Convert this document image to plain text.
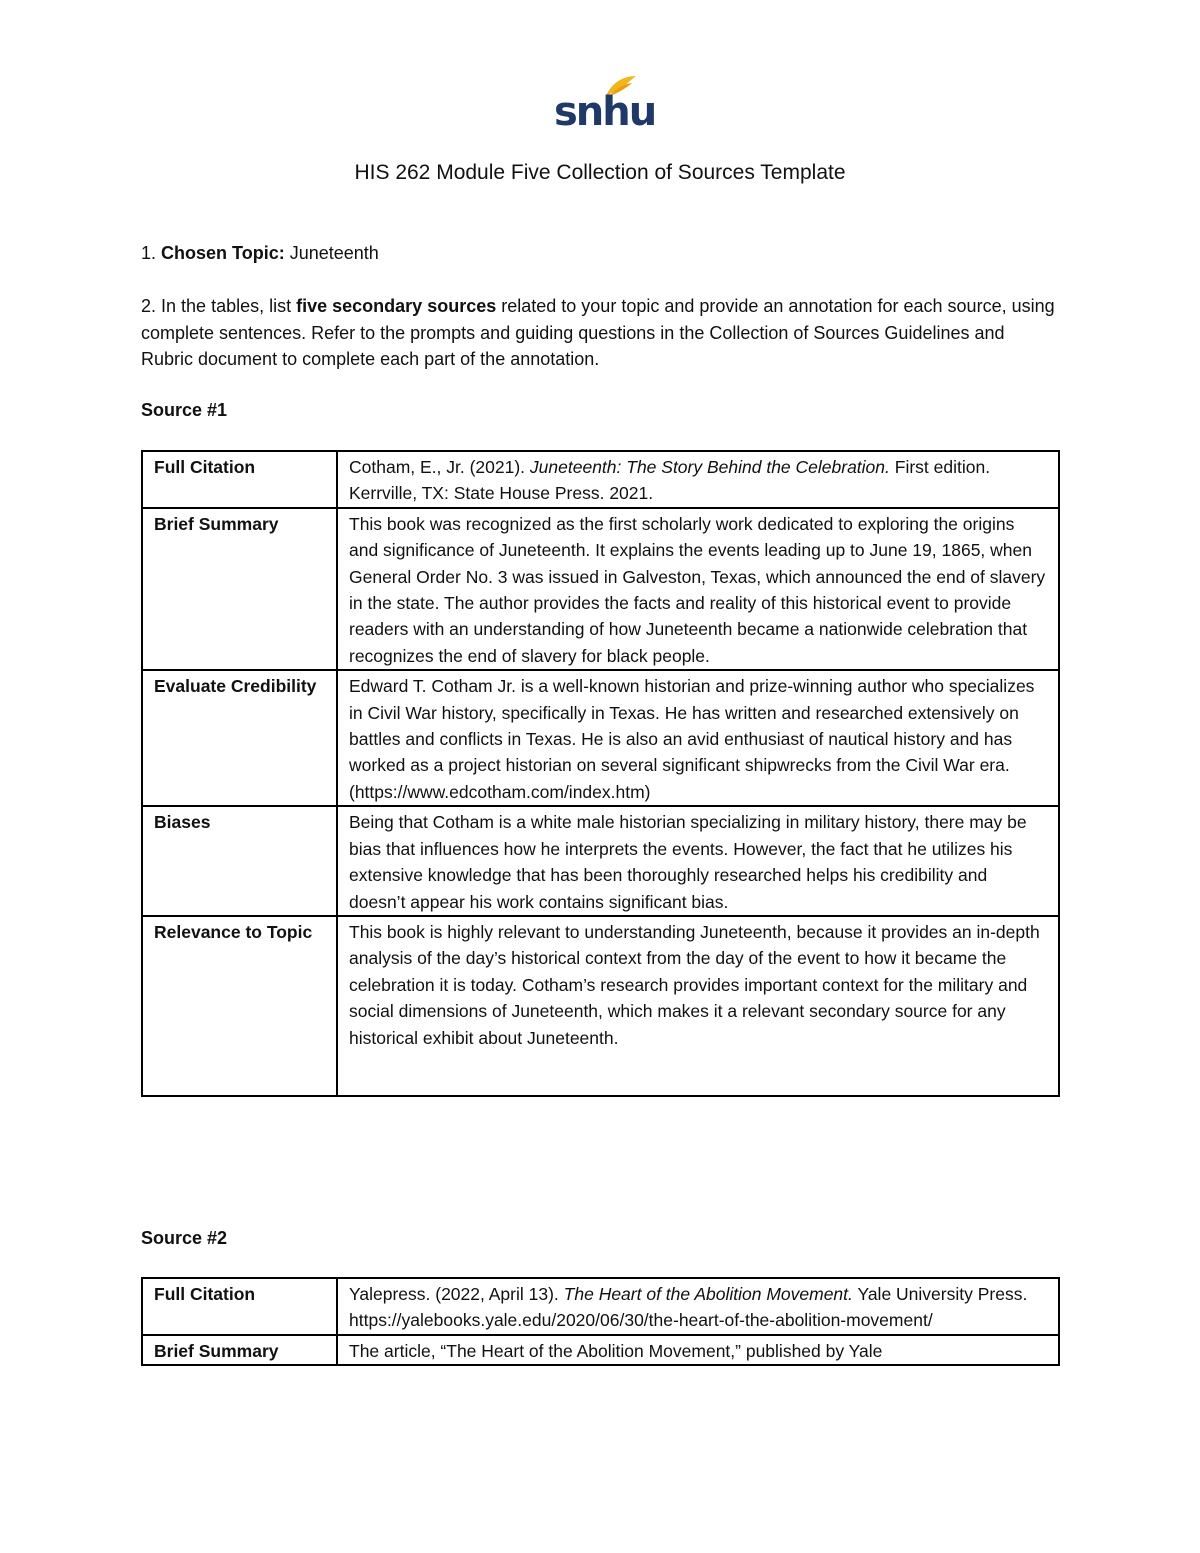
snhu
HIS 262 Module Five Collection of Sources Template
1. Chosen Topic: Juneteenth
2. In the tables, list five secondary sources related to your topic and provide an annotation for each source, using complete sentences. Refer to the prompts and guiding questions in the Collection of Sources Guidelines and Rubric document to complete each part of the annotation.
Source #1
Full Citation	Cotham, E., Jr. (2021). Juneteenth: The Story Behind the Celebration. First edition. Kerrville, TX: State House Press. 2021.
Brief Summary	This book was recognized as the first scholarly work dedicated to exploring the origins and significance of Juneteenth. It explains the events leading up to June 19, 1865, when General Order No. 3 was issued in Galveston, Texas, which announced the end of slavery in the state. The author provides the facts and reality of this historical event to provide readers with an understanding of how Juneteenth became a nationwide celebration that recognizes the end of slavery for black people.
Evaluate Credibility	Edward T. Cotham Jr. is a well-known historian and prize-winning author who specializes in Civil War history, specifically in Texas. He has written and researched extensively on battles and conflicts in Texas. He is also an avid enthusiast of nautical history and has worked as a project historian on several significant shipwrecks from the Civil War era. (https://www.edcotham.com/index.htm)
Biases	Being that Cotham is a white male historian specializing in military history, there may be bias that influences how he interprets the events. However, the fact that he utilizes his extensive knowledge that has been thoroughly researched helps his credibility and doesn’t appear his work contains significant bias.
Relevance to Topic	This book is highly relevant to understanding Juneteenth, because it provides an in-depth analysis of the day’s historical context from the day of the event to how it became the celebration it is today. Cotham’s research provides important context for the military and social dimensions of Juneteenth, which makes it a relevant secondary source for any historical exhibit about Juneteenth.
Source #2
Full Citation	Yalepress. (2022, April 13). The Heart of the Abolition Movement. Yale University Press. https://yalebooks.yale.edu/2020/06/30/the-heart-of-the-abolition-movement/
Brief Summary	The article, “The Heart of the Abolition Movement,” published by Yale
